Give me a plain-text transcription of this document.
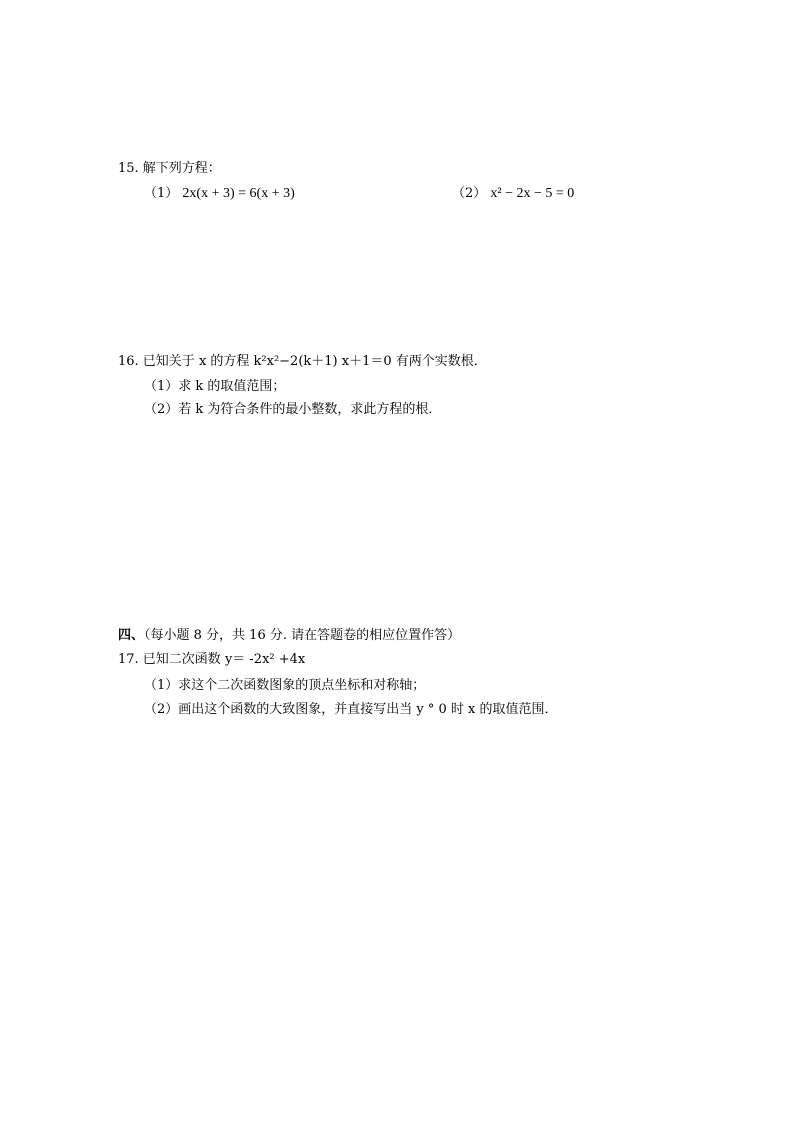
15. 解下列方程：
（1） 2x(x + 3) = 6(x + 3)	（2） x² − 2x − 5 = 0
16. 已知关于 x 的方程 k²x²−2(k＋1) x＋1＝0 有两个实数根．
（1）求 k 的取值范围；
（2）若 k 为符合条件的最小整数，求此方程的根．
四、（每小题 8 分，共 16 分. 请在答题卷的相应位置作答）
17. 已知二次函数 y＝ -2x² +4x
（1）求这个二次函数图象的顶点坐标和对称轴；
（2）画出这个函数的大致图象，并直接写出当 y ° 0 时 x 的取值范围．
